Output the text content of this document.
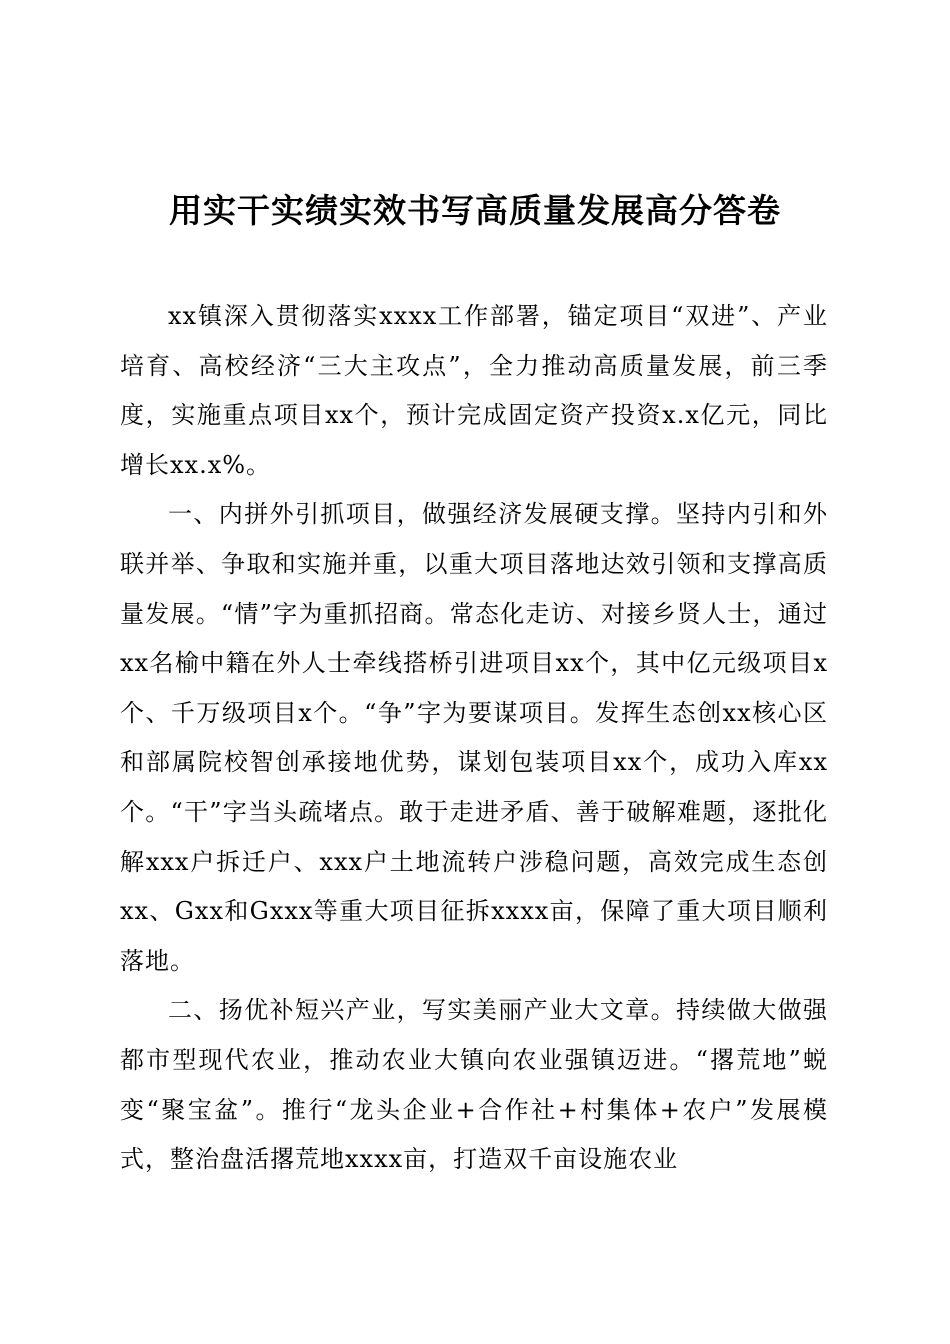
用实干实绩实效书写高质量发展高分答卷

xx镇深入贯彻落实xxxx工作部署，锚定项目“双进”、产业培育、高校经济“三大主攻点”，全力推动高质量发展，前三季度，实施重点项目xx个，预计完成固定资产投资x.x亿元，同比增长xx.x%。

一、内拼外引抓项目，做强经济发展硬支撑。坚持内引和外联并举、争取和实施并重，以重大项目落地达效引领和支撑高质量发展。“情”字为重抓招商。常态化走访、对接乡贤人士，通过xx名榆中籍在外人士牵线搭桥引进项目xx个，其中亿元级项目x个、千万级项目x个。“争”字为要谋项目。发挥生态创xx核心区和部属院校智创承接地优势，谋划包装项目xx个，成功入库xx个。“干”字当头疏堵点。敢于走进矛盾、善于破解难题，逐批化解xxx户拆迁户、xxx户土地流转户涉稳问题，高效完成生态创xx、Gxx和Gxxx等重大项目征拆xxxx亩，保障了重大项目顺利落地。

二、扬优补短兴产业，写实美丽产业大文章。持续做大做强都市型现代农业，推动农业大镇向农业强镇迈进。“撂荒地”蜕变“聚宝盆”。推行“龙头企业+合作社+村集体+农户”发展模式，整治盘活撂荒地xxxx亩，打造双千亩设施农业
